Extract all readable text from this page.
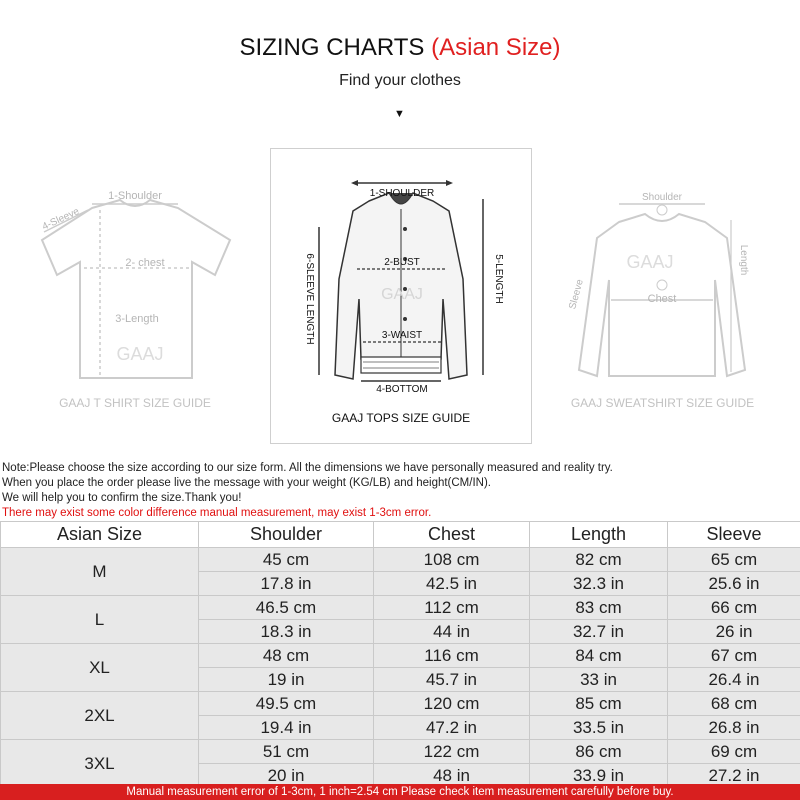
SIZING CHARTS (Asian Size)
Find your clothes
▼
1-Shoulder
4-Sleeve
2- chest
3-Length
GAAJ
GAAJ T SHIRT SIZE GUIDE
1-SHOULDER
2-BUST
3-WAIST
4-BOTTOM
5-LENGTH
6-SLEEVE LENGTH	GAAJ
GAAJ TOPS SIZE GUIDE
Shoulder
Length
Sleeve	Chest
GAAJ
GAAJ SWEATSHIRT SIZE GUIDE
Note:Please choose the size according to our size form. All the dimensions we have personally measured and reality try.
When you place the order please live the message with your weight (KG/LB) and height(CM/IN).
We will help you to confirm the size.Thank you!
There may exist some color difference manual measurement, may exist 1-3cm error.
Asian Size	Shoulder	Chest	Length	Sleeve
M	45 cm	108 cm	82 cm	65 cm
	17.8 in	42.5 in	32.3 in	25.6 in
L	46.5 cm	112 cm	83 cm	66 cm
	18.3 in	44 in	32.7 in	26 in
XL	48 cm	116 cm	84 cm	67 cm
	19 in	45.7 in	33 in	26.4 in
2XL	49.5 cm	120 cm	85 cm	68 cm
	19.4 in	47.2 in	33.5 in	26.8 in
3XL	51 cm	122 cm	86 cm	69 cm
	20 in	48 in	33.9 in	27.2 in
Manual measurement error of 1-3cm, 1 inch=2.54 cm Please check item measurement carefully before buy.
